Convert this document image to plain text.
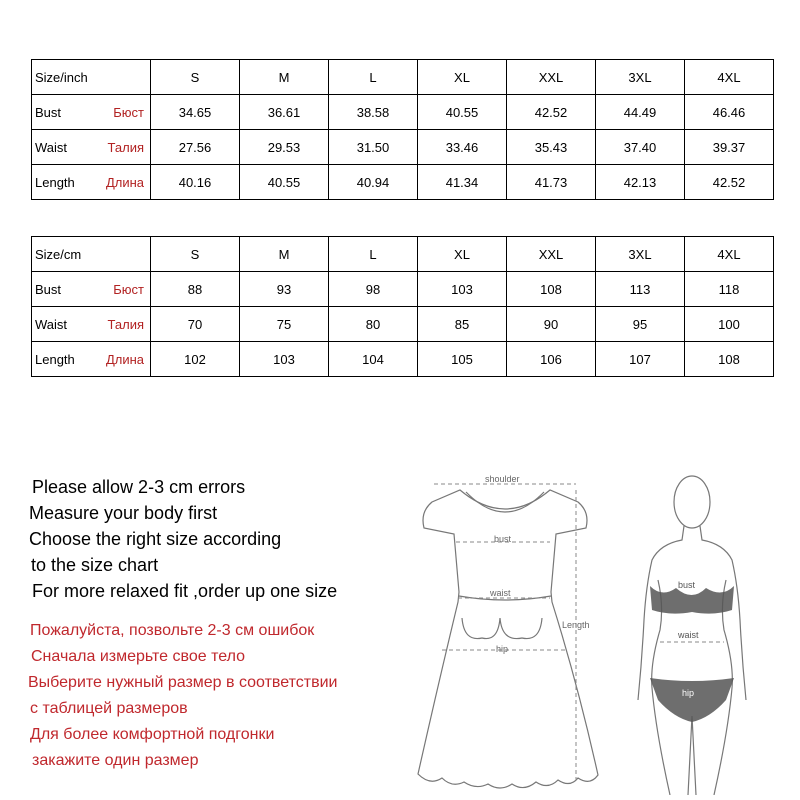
Size/inch	S	M	L	XL	XXL	3XL	4XL

Bust Бюст	34.65	36.61	38.58	40.55	42.52	44.49	46.46

Waist Талия	27.56	29.53	31.50	33.46	35.43	37.40	39.37

Length Длина	40.16	40.55	40.94	41.34	41.73	42.13	42.52
Size/cm	S	M	L	XL	XXL	3XL	4XL

Bust Бюст	88	93	98	103	108	113	118

Waist Талия	70	75	80	85	90	95	100

Length Длина	102	103	104	105	106	107	108
Please allow 2-3 cm errors
Measure your body first
Choose the right size according
to the size chart
For more relaxed fit ,order up one size
Пожалуйста, позвольте 2-3 см ошибок
Сначала измерьте свое тело
Выберите нужный размер в соответствии
с таблицей размеров
Для более комфортной подгонки
закажите один размер
shoulder
bust
waist
hip
Length
bust
waist
hip
